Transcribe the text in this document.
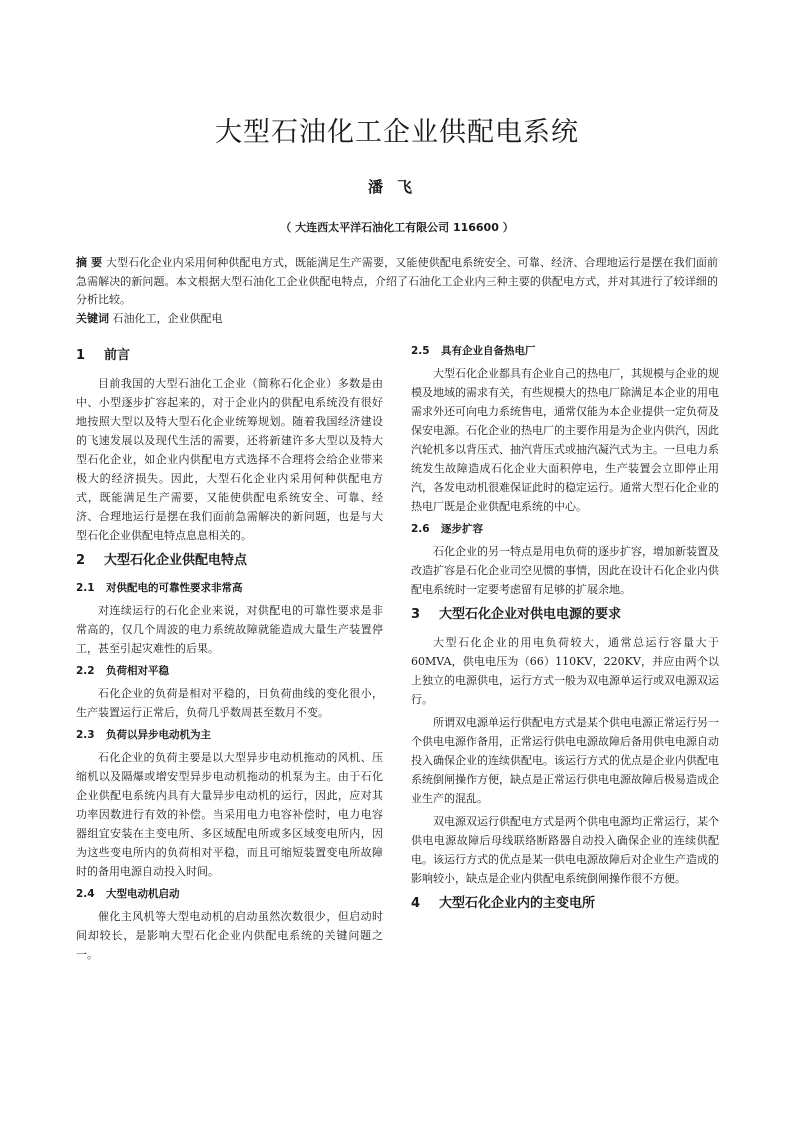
大型石油化工企业供配电系统
潘飞
（ 大连西太平洋石油化工有限公司 116600 ）
摘 要 大型石化企业内采用何种供配电方式，既能满足生产需要，又能使供配电系统安全、可靠、经济、合理地运行是摆在我们面前急需解决的新问题。本文根据大型石油化工企业供配电特点，介绍了石油化工企业内三种主要的供配电方式，并对其进行了较详细的分析比较。
关键词 石油化工，企业供配电
1 前言

目前我国的大型石油化工企业（简称石化企业）多数是由中、小型逐步扩容起来的，对于企业内的供配电系统没有很好地按照大型以及特大型石化企业统筹规划。随着我国经济建设的飞速发展以及现代生活的需要，还将新建许多大型以及特大型石化企业，如企业内供配电方式选择不合理将会给企业带来极大的经济损失。因此，大型石化企业内采用何种供配电方式，既能满足生产需要，又能使供配电系统安全、可靠、经济、合理地运行是摆在我们面前急需解决的新问题，也是与大型石化企业供配电特点息息相关的。

2 大型石化企业供配电特点
2.1 对供配电的可靠性要求非常高

对连续运行的石化企业来说，对供配电的可靠性要求是非常高的，仅几个周波的电力系统故障就能造成大量生产装置停工，甚至引起灾难性的后果。

2.2 负荷相对平稳

石化企业的负荷是相对平稳的，日负荷曲线的变化很小，生产装置运行正常后，负荷几乎数周甚至数月不变。

2.3 负荷以异步电动机为主

石化企业的负荷主要是以大型异步电动机拖动的风机、压缩机以及隔爆或增安型异步电动机拖动的机泵为主。由于石化企业供配电系统内具有大量异步电动机的运行，因此，应对其功率因数进行有效的补偿。当采用电力电容补偿时，电力电容器组宜安装在主变电所、多区域配电所或多区域变电所内，因为这些变电所内的负荷相对平稳，而且可缩短装置变电所故障时的备用电源自动投入时间。

2.4 大型电动机启动

催化主风机等大型电动机的启动虽然次数很少，但启动时间却较长，是影响大型石化企业内供配电系统的关键问题之一。

2.5 具有企业自备热电厂

大型石化企业都具有企业自己的热电厂，其规模与企业的规模及地域的需求有关，有些规模大的热电厂除满足本企业的用电需求外还可向电力系统售电，通常仅能为本企业提供一定负荷及保安电源。石化企业的热电厂的主要作用是为企业内供汽，因此汽轮机多以背压式、抽汽背压式或抽汽凝汽式为主。一旦电力系统发生故障造成石化企业大面积停电，生产装置会立即停止用汽，各发电动机很难保证此时的稳定运行。通常大型石化企业的热电厂既是企业供配电系统的中心。

2.6 逐步扩容

石化企业的另一特点是用电负荷的逐步扩容，增加新装置及改造扩容是石化企业司空见惯的事情，因此在设计石化企业内供配电系统时一定要考虑留有足够的扩展余地。

3 大型石化企业对供电电源的要求

大型石化企业的用电负荷较大，通常总运行容量大于60MVA，供电电压为（66）110KV，220KV，并应由两个以上独立的电源供电，运行方式一般为双电源单运行或双电源双运行。

所谓双电源单运行供配电方式是某个供电电源正常运行另一个供电电源作备用，正常运行供电电源故障后备用供电电源自动投入确保企业的连续供配电。该运行方式的优点是企业内供配电系统倒闸操作方便，缺点是正常运行供电电源故障后极易造成企业生产的混乱。

双电源双运行供配电方式是两个供电电源均正常运行，某个供电电源故障后母线联络断路器自动投入确保企业的连续供配电。该运行方式的优点是某一供电电源故障后对企业生产造成的影响较小，缺点是企业内供配电系统倒闸操作很不方便。

4 大型石化企业内的主变电所
